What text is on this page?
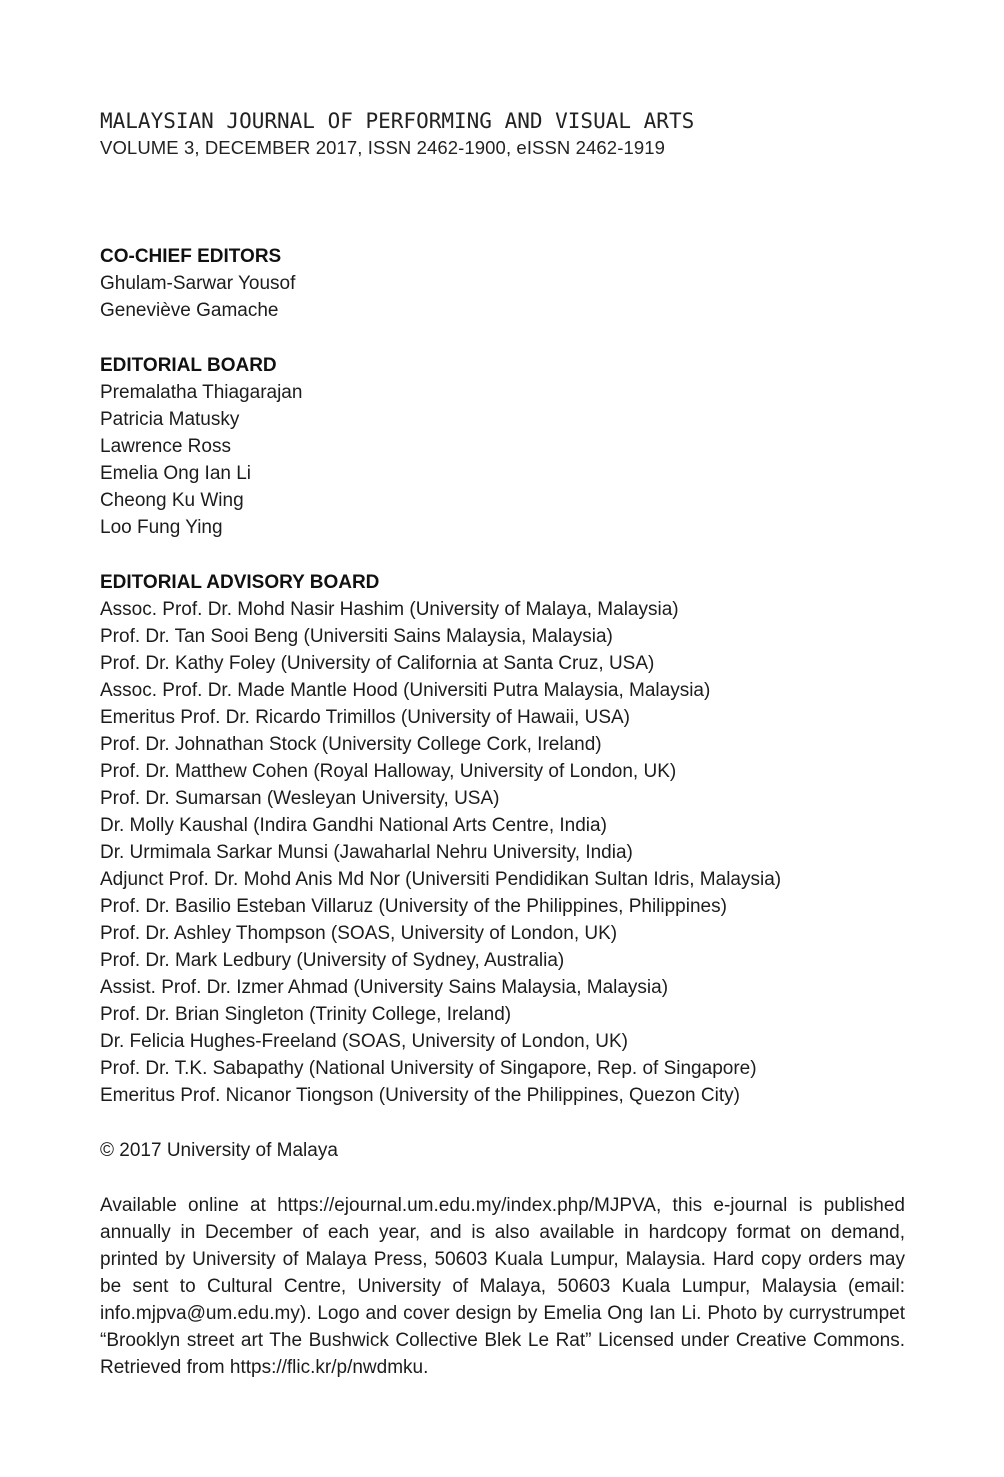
MALAYSIAN JOURNAL OF PERFORMING AND VISUAL ARTS
VOLUME 3, DECEMBER 2017, ISSN 2462-1900, eISSN 2462-1919
CO-CHIEF EDITORS
Ghulam-Sarwar Yousof
Geneviève Gamache
EDITORIAL BOARD
Premalatha Thiagarajan
Patricia Matusky
Lawrence Ross
Emelia Ong Ian Li
Cheong Ku Wing
Loo Fung Ying
EDITORIAL ADVISORY BOARD
Assoc. Prof. Dr. Mohd Nasir Hashim (University of Malaya, Malaysia)
Prof. Dr. Tan Sooi Beng (Universiti Sains Malaysia, Malaysia)
Prof. Dr. Kathy Foley (University of California at Santa Cruz, USA)
Assoc. Prof. Dr. Made Mantle Hood (Universiti Putra Malaysia, Malaysia)
Emeritus Prof. Dr. Ricardo Trimillos (University of Hawaii, USA)
Prof. Dr. Johnathan Stock (University College Cork, Ireland)
Prof. Dr. Matthew Cohen (Royal Halloway, University of London, UK)
Prof. Dr. Sumarsan (Wesleyan University, USA)
Dr. Molly Kaushal (Indira Gandhi National Arts Centre, India)
Dr. Urmimala Sarkar Munsi (Jawaharlal Nehru University, India)
Adjunct Prof. Dr. Mohd Anis Md Nor (Universiti Pendidikan Sultan Idris, Malaysia)
Prof. Dr. Basilio Esteban Villaruz (University of the Philippines, Philippines)
Prof. Dr. Ashley Thompson (SOAS, University of London, UK)
Prof. Dr. Mark Ledbury (University of Sydney, Australia)
Assist. Prof. Dr. Izmer Ahmad (University Sains Malaysia, Malaysia)
Prof. Dr. Brian Singleton (Trinity College, Ireland)
Dr. Felicia Hughes-Freeland (SOAS, University of London, UK)
Prof. Dr. T.K. Sabapathy (National University of Singapore, Rep. of Singapore)
Emeritus Prof. Nicanor Tiongson (University of the Philippines, Quezon City)

© 2017 University of Malaya

Available online at https://ejournal.um.edu.my/index.php/MJPVA, this e-journal is published annually in December of each year, and is also available in hardcopy format on demand, printed by University of Malaya Press, 50603 Kuala Lumpur, Malaysia. Hard copy orders may be sent to Cultural Centre, University of Malaya, 50603 Kuala Lumpur, Malaysia (email: info.mjpva@um.edu.my). Logo and cover design by Emelia Ong Ian Li. Photo by currystrumpet “Brooklyn street art The Bushwick Collective Blek Le Rat” Licensed under Creative Commons. Retrieved from https://flic.kr/p/nwdmku.
